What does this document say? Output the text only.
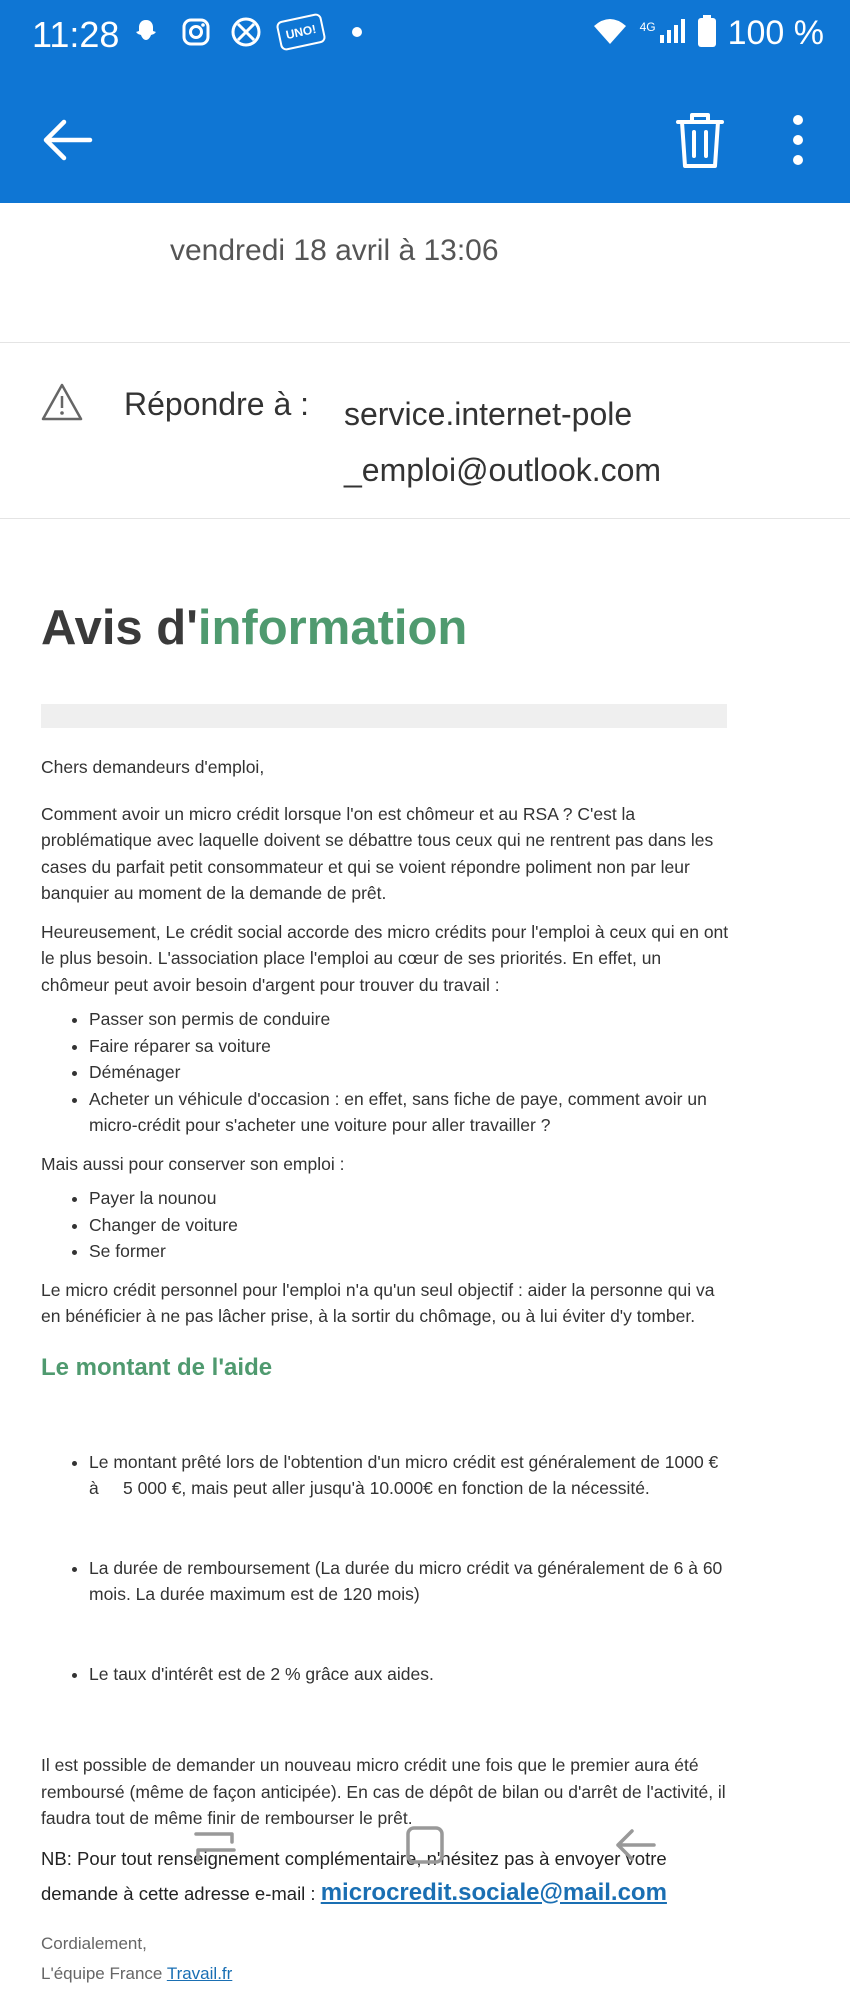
11:28	UNO!	4G 100 %
vendredi 18 avril à 13:06
Répondre à : service.internet-pole _emploi@outlook.com
Avis d'information

Chers demandeurs d'emploi,

Comment avoir un micro crédit lorsque l'on est chômeur et au RSA ? C'est la problématique avec laquelle doivent se débattre tous ceux qui ne rentrent pas dans les cases du parfait petit consommateur et qui se voient répondre poliment non par leur banquier au moment de la demande de prêt.

Heureusement, Le crédit social accorde des micro crédits pour l'emploi à ceux qui en ont le plus besoin. L'association place l'emploi au cœur de ses priorités. En effet, un chômeur peut avoir besoin d'argent pour trouver du travail :

• Passer son permis de conduire
• Faire réparer sa voiture
• Déménager
• Acheter un véhicule d'occasion : en effet, sans fiche de paye, comment avoir un micro-crédit pour s'acheter une voiture pour aller travailler ?

Mais aussi pour conserver son emploi :

• Payer la nounou
• Changer de voiture
• Se former

Le micro crédit personnel pour l'emploi n'a qu'un seul objectif : aider la personne qui va en bénéficier à ne pas lâcher prise, à la sortir du chômage, ou à lui éviter d'y tomber.

Le montant de l'aide

• Le montant prêté lors de l'obtention d'un micro crédit est généralement de 1000 € à     5 000 €, mais peut aller jusqu'à 10.000€ en fonction de la nécessité.

• La durée de remboursement (La durée du micro crédit va généralement de 6 à 60 mois. La durée maximum est de 120 mois)

• Le taux d'intérêt est de 2 % grâce aux aides.

Il est possible de demander un nouveau micro crédit une fois que le premier aura été remboursé (même de façon anticipée). En cas de dépôt de bilan ou d'arrêt de l'activité, il faudra tout de même finir de rembourser le prêt.

NB: Pour tout renseignement complémentaire, n'hésitez pas à envoyer votre demande à cette adresse e-mail : microcredit.sociale@mail.com
Cordialement,
L'équipe France Travail.fr
